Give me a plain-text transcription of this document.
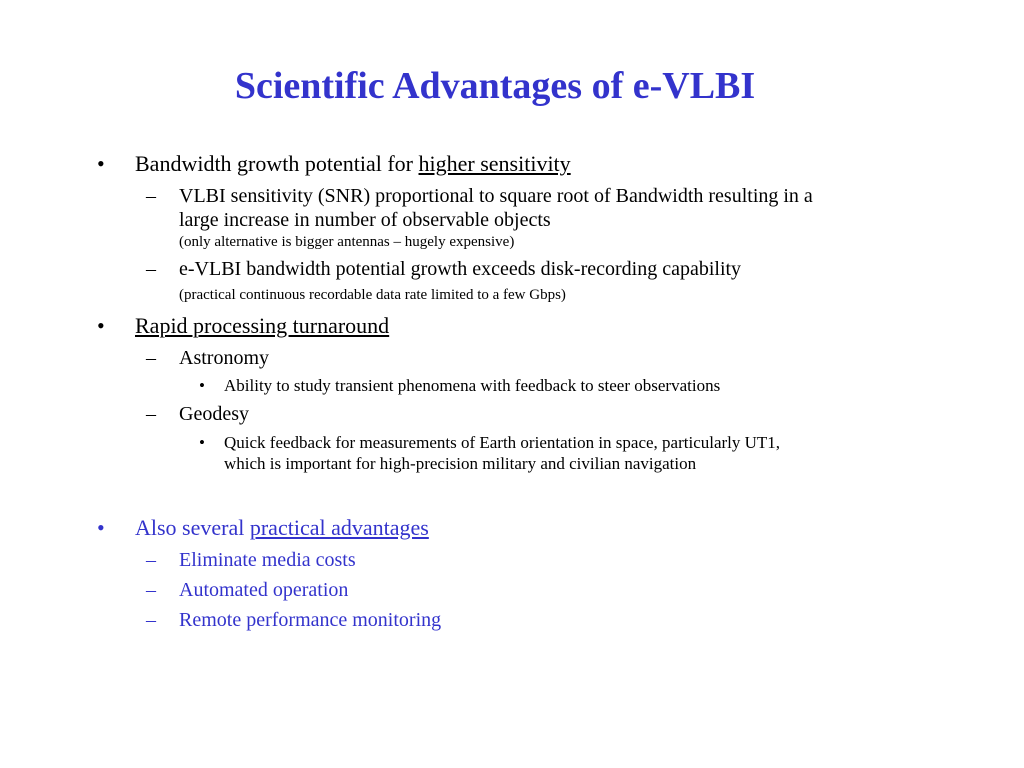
Scientific Advantages of e-VLBI
• Bandwidth growth potential for higher sensitivity
– VLBI sensitivity (SNR) proportional to square root of Bandwidth resulting in a
large increase in number of observable objects
(only alternative is bigger antennas – hugely expensive)
– e-VLBI bandwidth potential growth exceeds disk-recording capability
(practical continuous recordable data rate limited to a few Gbps)
• Rapid processing turnaround
– Astronomy
• Ability to study transient phenomena with feedback to steer observations
– Geodesy
• Quick feedback for measurements of Earth orientation in space, particularly UT1,
which is important for high-precision military and civilian navigation
• Also several practical advantages
– Eliminate media costs
– Automated operation
– Remote performance monitoring
